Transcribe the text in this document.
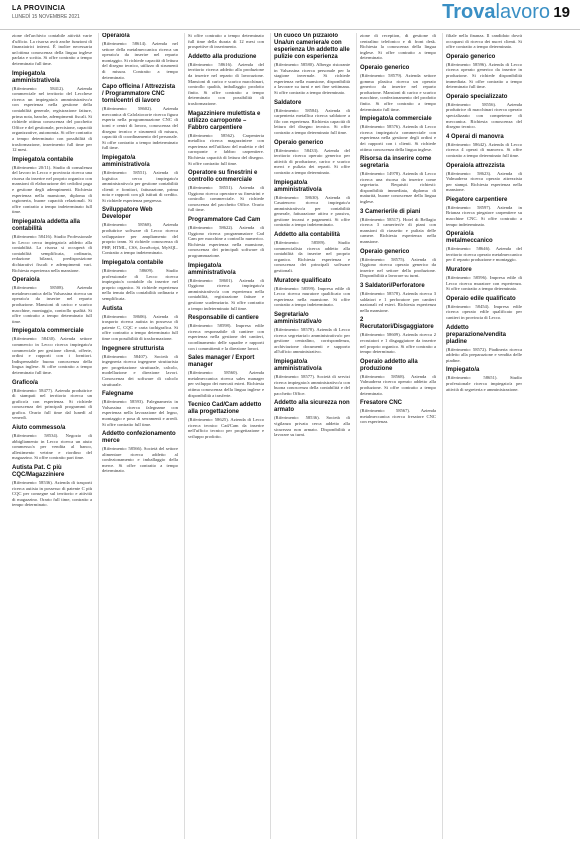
LA PROVINCIA
LUNEDÌ 15 NOVEMBRE 2021	Trovalavoro 19

zione del'archivio contabile attività varie d'ufficio. La risorsa avrà anche funzioni di finanziatrici interni. È inoltre necessaria un'ottima conoscenza della lingua inglese parlata e scritta. Si offre contratto a tempo determinato full time.

Impiegato/a amministrativo/a
(Riferimento: 58412). Azienda commerciale nel territorio del Lecchese ricerca un impiegato/a amministrativo/a con esperienza nella gestione della contabilità generale, registrazione fatture, prima nota, banche, adempimenti fiscali. Si richiede ottima conoscenza del pacchetto Office e del gestionale, precisione, capacità organizzative, autonomia. Si offre contratto a tempo determinato con possibilità di trasformazione, inserimento full time per 12 mesi.
Impiegato/a contabile
(Riferimento: 20/11). Studio di consulenza del lavoro in Lecco e provincia ricerca una risorsa da inserire nel proprio organico con mansioni di elaborazione dei cedolini paga e gestione degli adempimenti. Richiesta esperienza nella mansione, diploma di ragioneria, buone capacità relazionali. Si offre contratto a tempo indeterminato full time.
Impiegato/a addetta alla contabilità
(Riferimento: 58416). Studio Professionale in Lecco cerca impiegato/a addetto alla contabilità. La risorsa si occuperà di contabilità semplificata, ordinaria, redazione bilanci, predisposizione dichiarativi fiscali e adempimenti vari. Richiesta esperienza nella mansione.
Operaio/a
(Riferimento: 58508). Azienda metalmeccanica della Valsassina ricerca un operaio/a da inserire nel reparto produzione. Mansioni di carico e scarico macchine, montaggio, controllo qualità. Si offre contratto a tempo determinato full time.
Impiegato/a commerciale
(Riferimento: 58430). Azienda settore commercio in Lecco ricerca impiegato/a commerciale per gestione clienti, offerte, ordini e rapporti con i fornitori. Indispensabile buona conoscenza della lingua inglese. Si offre contratto a tempo determinato full time.
Grafico/a
(Riferimento: 58477). Azienda produttrice di stampati nel territorio ricerca un grafico/a con esperienza. Si richiede conoscenza dei principali programmi di grafica. Orario full time dal lunedì al venerdì.
Aiuto commesso/a
(Riferimento: 58534). Negozio di abbigliamento in Lecco ricerca un aiuto commesso/a per vendita al banco, allestimento vetrine e riordino del magazzino. Si offre contratto part time.
Autista Pat. C più CQC/Magazziniere
(Riferimento: 58536). Azienda di trasporti ricerca autista in possesso di patente C più CQC per consegne sul territorio e attività di magazzino. Orario full time, contratto a tempo determinato.
Operaio/a
(Riferimento: 58614). Azienda nel settore della metalmeccanica ricerca un operaio/a da inserire nel reparto montaggio. Si richiede capacità di lettura del disegno tecnico, utilizzo di strumenti di misura. Contratto a tempo determinato.
Capo officina / Attrezzista / Programmatore CNC torni/centri di lavoro
(Riferimento: 58602). Azienda meccanica di Calolziocorte ricerca figura esperta nella programmazione CNC di torni e centri di lavoro, conoscenza del disegno tecnico e strumenti di misura, capacità di coordinamento del personale. Si offre contratto a tempo indeterminato full time.
Impiegato/a amministrativo/a
(Riferimento: 58551). Azienda di logistica cerca impiegato/a amministrativo/a per gestione contabilità clienti e fornitori, fatturazione, prima nota e rapporti con gli istituti di credito. Si richiede esperienza pregressa.
Sviluppatore Web Developer
(Riferimento: 58568). Azienda produttrice software di Lecco ricerca sviluppatore per ampliamento del proprio team. Si richiede conoscenza di PHP, HTML, CSS, JavaScript, MySQL. Contratto a tempo indeterminato.
Impiegato/a contabile
(Riferimento: 58609). Studio professionale di Lecco ricerca impiegato/a contabile da inserire nel proprio organico. Si richiede esperienza nella tenuta della contabilità ordinaria e semplificata.
Autista
(Riferimento: 58606). Azienda di trasporto ricerca autista in possesso di patente C, CQC e carta tachigrafica. Si offre contratto a tempo determinato full time con possibilità di trasformazione.
Ingegnere strutturista
(Riferimento: 58407). Società di ingegneria ricerca ingegnere strutturista per progettazione strutturale, calcolo, modellazione e direzione lavori. Conoscenza dei software di calcolo strutturale.
Falegname
(Riferimento: 58593). Falegnameria in Valsassina ricerca falegname con esperienza nella lavorazione del legno, montaggio e posa di serramenti e arredi. Si offre contratto full time.
Addetto confezionamento merce
(Riferimento: 58566). Società del settore alimentare ricerca addetto al confezionamento e imballaggio della merce. Si offre contratto a tempo determinato.

Si offre contratto a tempo determinato full time della durata di 12 mesi con prospettive di inserimento.

Addetto alla produzione
(Riferimento: 58616). Azienda del territorio ricerca addetto alla produzione da inserire nel reparto di lavorazione. Mansioni di carico e scarico macchinari, controllo qualità, imballaggio prodotto finito. Si offre contratto a tempo determinato con possibilità di trasformazione.
Magazziniere mulettista e utilizzo carroponte – Fabbro carpentiere
(Riferimento: 58562). Carpenteria metallica ricerca magazziniere con esperienza nell'utilizzo del muletto e del carroponte e fabbro carpentiere. Richiesta capacità di lettura del disegno. Si offre contratto full time.
Operatore su finestrini e controllo commerciale
(Riferimento: 58551). Azienda di Oggiono ricerca operatore su finestrini e controllo commerciale. Si richiede conoscenza del pacchetto Office. Orario full time.
Programmatore Cad Cam
(Riferimento: 58622). Azienda di Oggiono ricerca programmatore Cad Cam per macchine a controllo numerico. Richiesta esperienza nella mansione, conoscenza dei principali software di programmazione.
Impiegato/a amministrativo/a
(Riferimento: 58601). Azienda di Oggiono ricerca impiegato/a amministrativo/a con esperienza nella contabilità, registrazione fatture e gestione scadenziario. Si offre contratto a tempo indeterminato full time.
Responsabile di cantiere
(Riferimento: 58598). Impresa edile ricerca responsabile di cantiere con esperienza nella gestione dei cantieri, coordinamento delle squadre e rapporti con i committenti e la direzione lavori.
Sales manager / Export manager
(Riferimento: 58560). Azienda metalmeccanica ricerca sales manager per sviluppo dei mercati esteri. Richiesta ottima conoscenza della lingua inglese e disponibilità a trasferte.
Tecnico Cad/Cam addetto alla progettazione
(Riferimento: 58625). Azienda di Lecco ricerca tecnico Cad/Cam da inserire nell'ufficio tecnico per progettazione e sviluppo prodotto.
Un cuoco Un pizzaiolo Una/un cameriera/e con esperienza Un addetto alle pulizie con esperienza
(Riferimento: 58580). Albergo ristorante in Valsassina ricerca personale per la stagione invernale. Si richiede esperienza nella mansione, disponibilità a lavorare su turni e nei fine settimana. Si offre contratto a tempo determinato.
Saldatore
(Riferimento: 58584). Azienda di carpenteria metallica ricerca saldatore a filo con esperienza. Richiesta capacità di lettura del disegno tecnico. Si offre contratto a tempo determinato full time.
Operaio generico
(Riferimento: 58433). Azienda del territorio ricerca operaio generico per attività di produzione, carico e scarico merci e pulizia dei reparti. Si offre contratto a tempo determinato.
Impiegato/a amministrativo/a
(Riferimento: 58630). Azienda di Casatenovo ricerca impiegato/a amministrativo/a per contabilità generale, fatturazione attiva e passiva, gestione incassi e pagamenti. Si offre contratto a tempo indeterminato.
Addetto alla contabilità
(Riferimento: 58589). Studio commercialista ricerca addetto alla contabilità da inserire nel proprio organico. Richiesta esperienza e conoscenza dei principali software gestionali.
Muratore qualificato
(Riferimento: 58599). Impresa edile di Lecco ricerca muratore qualificato con esperienza nella mansione. Si offre contratto a tempo indeterminato.
Segretaria/o amministrativa/o
(Riferimento: 58578). Azienda di Lecco ricerca segretaria/o amministrativa/o per gestione centralino, corrispondenza, archiviazione documenti e supporto all'ufficio amministrativo.
Impiegato/a amministrativo/a
(Riferimento: 58577). Società di servizi ricerca impiegato/a amministrativo/a con buona conoscenza della contabilità e del pacchetto Office.
Addetto alla sicurezza non armato
(Riferimento: 58536). Società di vigilanza privata cerca addetto alla sicurezza non armato. Disponibilità a lavorare su turni.

zione di reception, di gestione di centralino telefonico e di front desk. Richiesta la conoscenza della lingua inglese. Si offre contratto a tempo determinato.

Operaio generico
(Riferimento: 58579). Azienda settore gomma plastica ricerca un operaio generico da inserire nel reparto produzione. Mansioni di carico e scarico macchine, confezionamento del prodotto finito. Si offre contratto a tempo determinato full time.
Impiegato/a commerciale
(Riferimento: 58576). Azienda di Lecco ricerca impiegato/a commerciale con esperienza nella gestione degli ordini e dei rapporti con i clienti. Si richiede ottima conoscenza della lingua inglese.
Risorsa da inserire come segretaria
(Riferimento: 14978). Azienda di Lecco ricerca una risorsa da inserire come segretaria. Requisiti richiesti: disponibilità immediata, diploma di maturità, buone conoscenze della lingua inglese.
3 Camerieri/e di piani
(Riferimento: 58517). Hotel di Bellagio ricerca 3 camerieri/e di piani con mansioni di riassetto e pulizia delle camere. Richiesta esperienza nella mansione.
Operaio generico
(Riferimento: 58575). Azienda di Oggiono ricerca operaio generico da inserire nel settore della produzione. Disponibilità a lavorare su turni.
3 Saldatori/Perforatore
(Riferimento: 58578). Azienda ricerca 3 saldatori e 1 perforatore per cantieri nazionali ed esteri. Richiesta esperienza nella mansione.
2 Recrutatori/Disgaggiatore
(Riferimento: 58609). Azienda ricerca 2 recrutatori e 1 disgaggiatore da inserire nel proprio organico. Si offre contratto a tempo determinato.
Operaio addetto alla produzione
(Riferimento: 58568). Azienda di Valmadrera ricerca operaio addetto alla produzione. Si offre contratto a tempo determinato.
Fresatore CNC
(Riferimento: 58567). Azienda metalmeccanica ricerca fresatore CNC con esperienza.

filiale nella finanza. Il candidato dovrà occuparsi di ricerca dei nuovi clienti. Si offre contratto a tempo determinato.

Operaio generico
(Riferimento: 58596). Azienda di Lecco ricerca operaio generico da inserire in produzione. Si richiede disponibilità immediata. Si offre contratto a tempo determinato full time.
Operaio specializzato
(Riferimento: 58556). Azienda produttrice di macchinari ricerca operaio specializzato con competenze di meccanica. Richiesta conoscenza del disegno tecnico.
4 Operai di manovra
(Riferimento: 58642). Azienda di Lecco ricerca 4 operai di manovra. Si offre contratto a tempo determinato full time.
Operaio/a attrezzista
(Riferimento: 58623). Azienda di Valmadrera ricerca operaio attrezzista per stampi. Richiesta esperienza nella mansione.
Piegatore carpentiere
(Riferimento: 58597). Azienda in Brianza ricerca piegatore carpentiere su macchine CNC. Si offre contratto a tempo indeterminato.
Operaio/a metalmeccanico
(Riferimento: 58646). Azienda del territorio ricerca operaio metalmeccanico per il reparto produzione e montaggio.
Muratore
(Riferimento: 58596). Impresa edile di Lecco ricerca muratore con esperienza. Si offre contratto a tempo determinato.
Operaio edile qualificato
(Riferimento: 58454). Impresa edile ricerca operaio edile qualificato per cantieri in provincia di Lecco.
Addetto preparazione/vendita pladine
(Riferimento: 58572). Piadineria ricerca addetto alla preparazione e vendita delle piadine.
Impiegato/a
(Riferimento: 58651). Studio professionale ricerca impiegato/a per attività di segreteria e amministrazione.
